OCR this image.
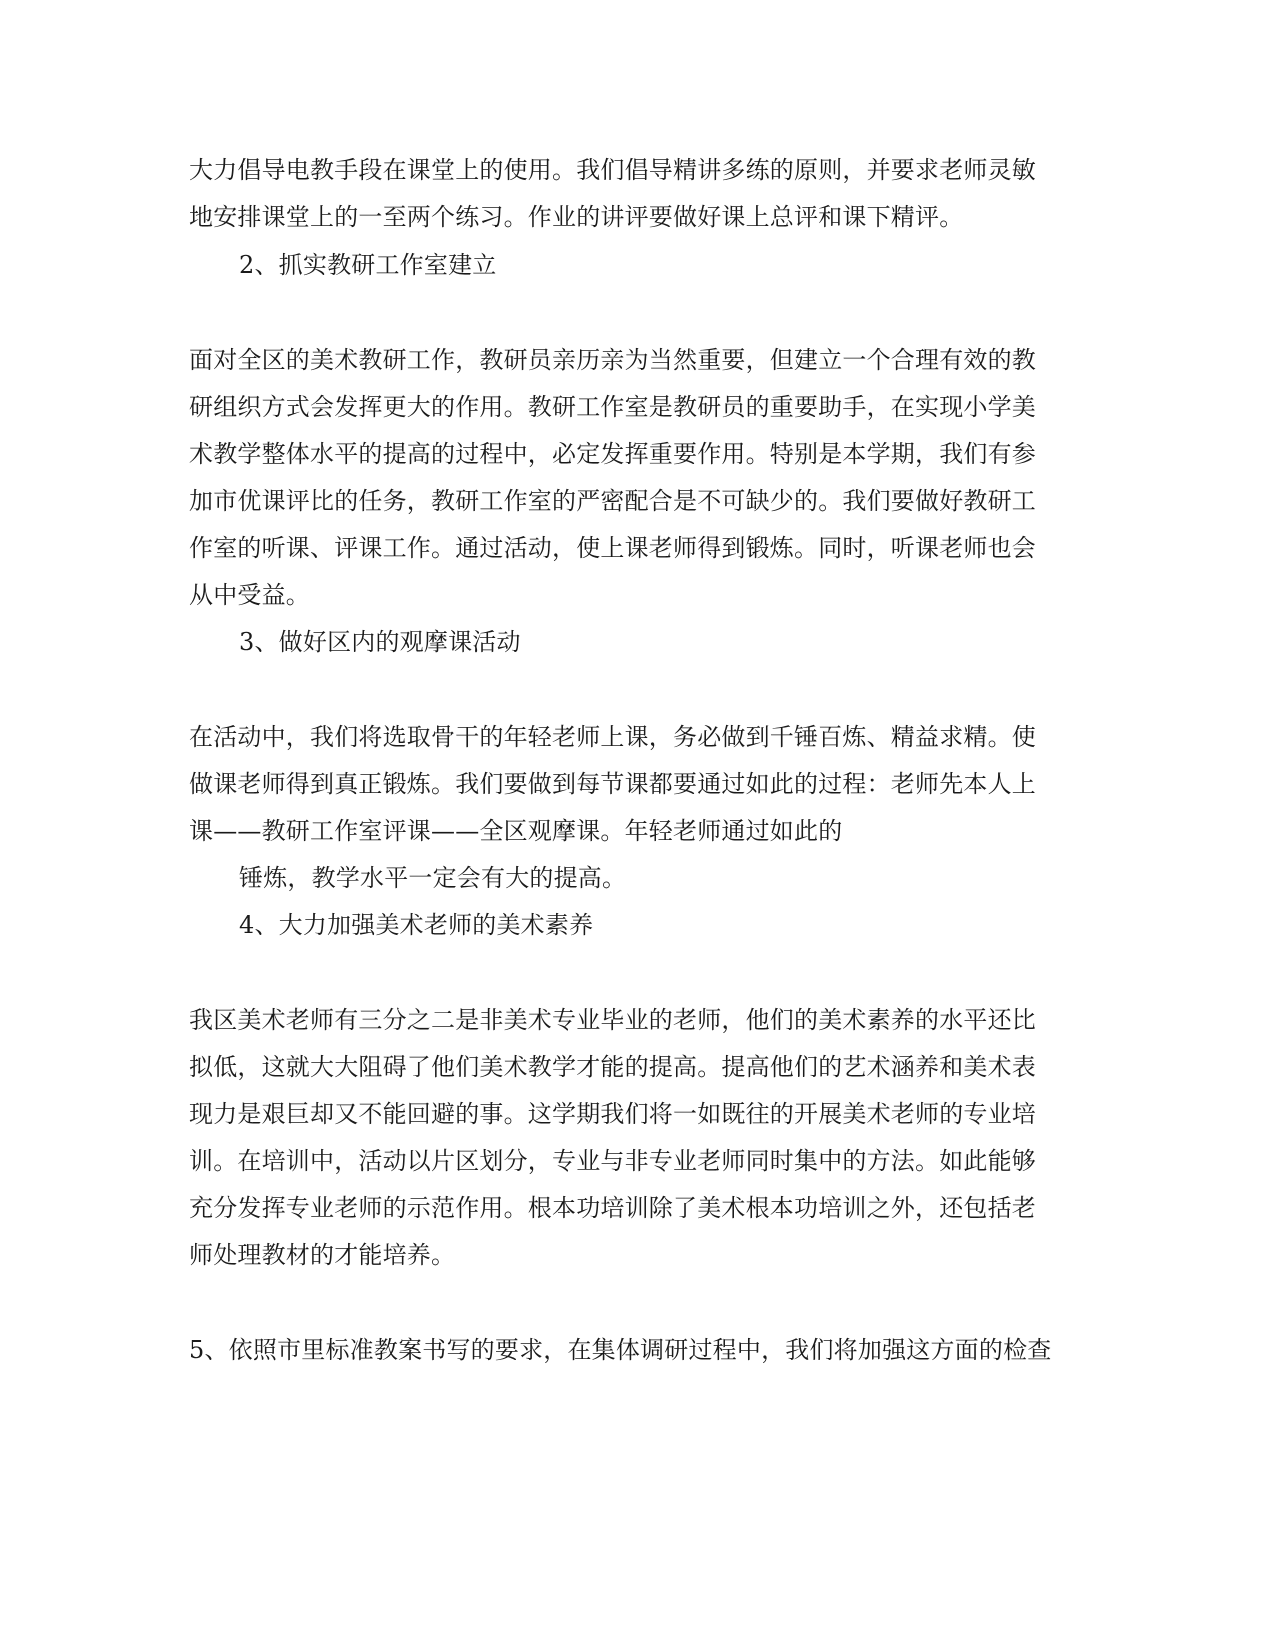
大力倡导电教手段在课堂上的使用。我们倡导精讲多练的原则，并要求老师灵敏
地安排课堂上的一至两个练习。作业的讲评要做好课上总评和课下精评。
2、抓实教研工作室建立
面对全区的美术教研工作，教研员亲历亲为当然重要，但建立一个合理有效的教
研组织方式会发挥更大的作用。教研工作室是教研员的重要助手，在实现小学美
术教学整体水平的提高的过程中，必定发挥重要作用。特别是本学期，我们有参
加市优课评比的任务，教研工作室的严密配合是不可缺少的。我们要做好教研工
作室的听课、评课工作。通过活动，使上课老师得到锻炼。同时，听课老师也会
从中受益。
3、做好区内的观摩课活动
在活动中，我们将选取骨干的年轻老师上课，务必做到千锤百炼、精益求精。使
做课老师得到真正锻炼。我们要做到每节课都要通过如此的过程：老师先本人上
课——教研工作室评课——全区观摩课。年轻老师通过如此的
锤炼，教学水平一定会有大的提高。
4、大力加强美术老师的美术素养
我区美术老师有三分之二是非美术专业毕业的老师，他们的美术素养的水平还比
拟低，这就大大阻碍了他们美术教学才能的提高。提高他们的艺术涵养和美术表
现力是艰巨却又不能回避的事。这学期我们将一如既往的开展美术老师的专业培
训。在培训中，活动以片区划分，专业与非专业老师同时集中的方法。如此能够
充分发挥专业老师的示范作用。根本功培训除了美术根本功培训之外，还包括老
师处理教材的才能培养。
5、依照市里标准教案书写的要求，在集体调研过程中，我们将加强这方面的检查
